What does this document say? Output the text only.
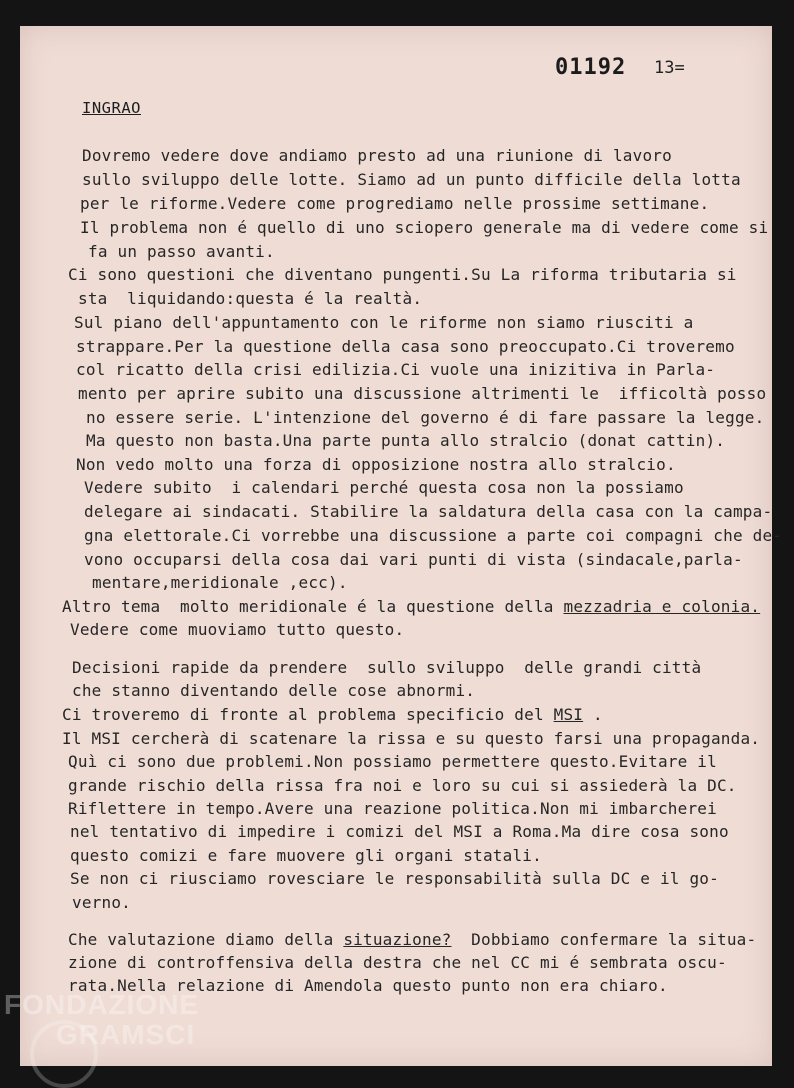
01192 13=
INGRAO
Dovremo vedere dove andiamo presto ad una riunione di lavoro
sullo sviluppo delle lotte. Siamo ad un punto difficile della lotta
per le riforme.Vedere come progrediamo nelle prossime settimane.
Il problema non é quello di uno sciopero generale ma di vedere come si
fa un passo avanti.
Ci sono questioni che diventano pungenti.Su La riforma tributaria si
sta  liquidando:questa é la realtà.
Sul piano dell'appuntamento con le riforme non siamo riusciti a
strappare.Per la questione della casa sono preoccupato.Ci troveremo
col ricatto della crisi edilizia.Ci vuole una inizitiva in Parla-
mento per aprire subito una discussione altrimenti le  ifficoltà posso
no essere serie. L'intenzione del governo é di fare passare la legge.
Ma questo non basta.Una parte punta allo stralcio (donat cattin).
Non vedo molto una forza di opposizione nostra allo stralcio.
Vedere subito  i calendari perché questa cosa non la possiamo
delegare ai sindacati. Stabilire la saldatura della casa con la campa-
gna elettorale.Ci vorrebbe una discussione a parte coi compagni che de-
vono occuparsi della cosa dai vari punti di vista (sindacale,parla-
mentare,meridionale ,ecc).
Altro tema  molto meridionale é la questione della mezzadria e colonia.
Vedere come muoviamo tutto questo.
Decisioni rapide da prendere  sullo sviluppo  delle grandi città
che stanno diventando delle cose abnormi.
Ci troveremo di fronte al problema specificio del MSI .
Il MSI cercherà di scatenare la rissa e su questo farsi una propaganda.
Quì ci sono due problemi.Non possiamo permettere questo.Evitare il
grande rischio della rissa fra noi e loro su cui si assiederà la DC.
Riflettere in tempo.Avere una reazione politica.Non mi imbarcherei
nel tentativo di impedire i comizi del MSI a Roma.Ma dire cosa sono
questo comizi e fare muovere gli organi statali.
Se non ci riusciamo rovesciare le responsabilità sulla DC e il go-
verno.
Che valutazione diamo della situazione?  Dobbiamo confermare la situa-
zione di controffensiva della destra che nel CC mi é sembrata oscu-
rata.Nella relazione di Amendola questo punto non era chiaro.
FONDAZIONE
GRAMSCI
